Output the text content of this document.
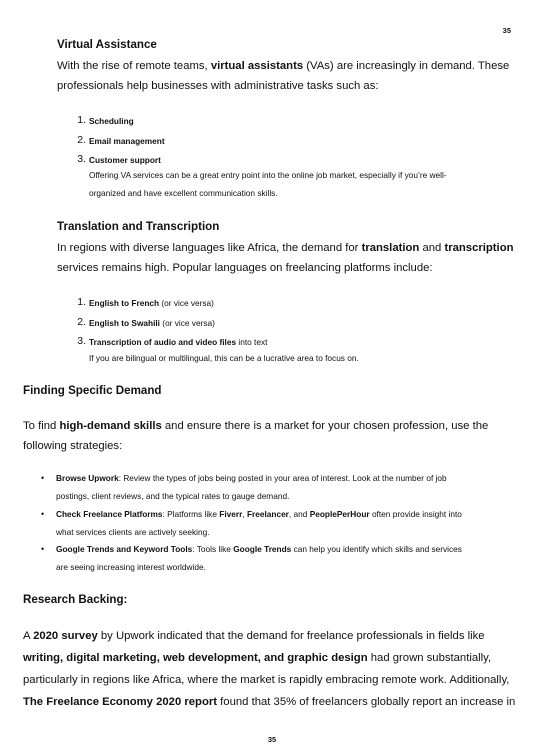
35
Virtual Assistance
With the rise of remote teams, virtual assistants (VAs) are increasingly in demand. These
professionals help businesses with administrative tasks such as:
1. Scheduling
2. Email management
3. Customer support
Offering VA services can be a great entry point into the online job market, especially if you’re well-
organized and have excellent communication skills.
Translation and Transcription
In regions with diverse languages like Africa, the demand for translation and transcription
services remains high. Popular languages on freelancing platforms include:
1. English to French (or vice versa)
2. English to Swahili (or vice versa)
3. Transcription of audio and video files into text
If you are bilingual or multilingual, this can be a lucrative area to focus on.
Finding Specific Demand
To find high-demand skills and ensure there is a market for your chosen profession, use the
following strategies:
• Browse Upwork: Review the types of jobs being posted in your area of interest. Look at the number of job
postings, client reviews, and the typical rates to gauge demand.
• Check Freelance Platforms: Platforms like Fiverr, Freelancer, and PeoplePerHour often provide insight into
what services clients are actively seeking.
• Google Trends and Keyword Tools: Tools like Google Trends can help you identify which skills and services
are seeing increasing interest worldwide.
Research Backing:
A 2020 survey by Upwork indicated that the demand for freelance professionals in fields like
writing, digital marketing, web development, and graphic design had grown substantially,
particularly in regions like Africa, where the market is rapidly embracing remote work. Additionally,
The Freelance Economy 2020 report found that 35% of freelancers globally report an increase in
35
